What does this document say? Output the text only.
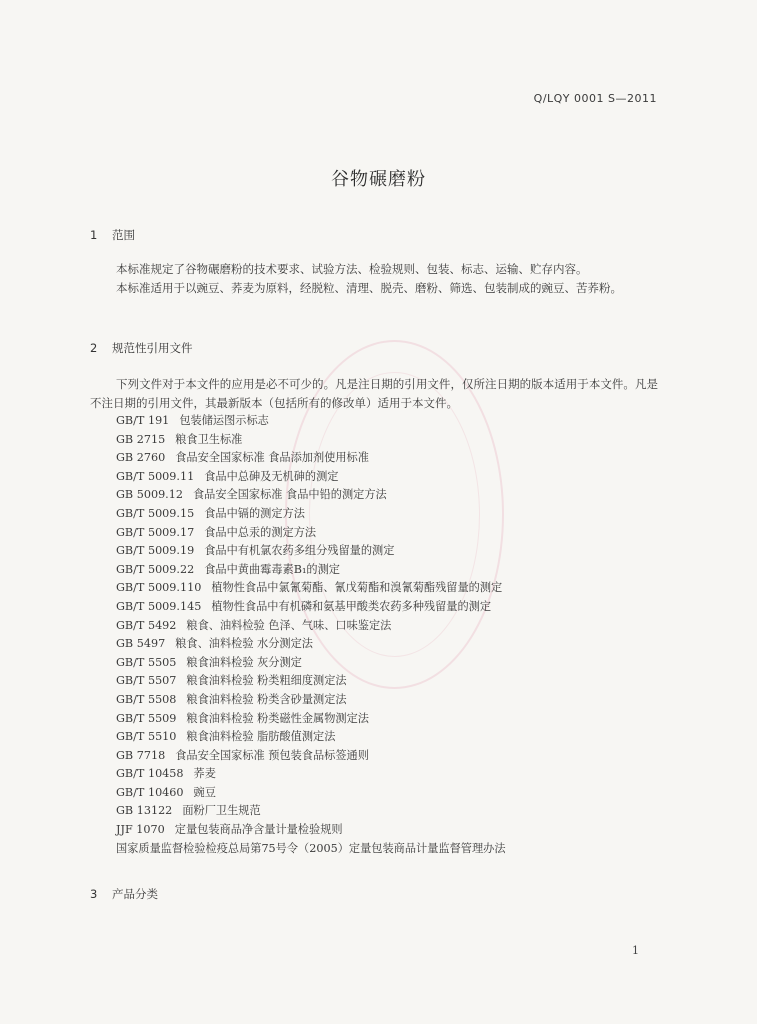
Q/LQY 0001 S—2011
谷物碾磨粉
1 范围
本标准规定了谷物碾磨粉的技术要求、试验方法、检验规则、包装、标志、运输、贮存内容。
本标准适用于以豌豆、荞麦为原料，经脱粒、清理、脱壳、磨粉、筛选、包装制成的豌豆、苦荞粉。
2 规范性引用文件
下列文件对于本文件的应用是必不可少的。凡是注日期的引用文件，仅所注日期的版本适用于本文件。凡是不注日期的引用文件，其最新版本（包括所有的修改单）适用于本文件。
GB/T 191 包装储运图示标志
GB 2715 粮食卫生标准
GB 2760 食品安全国家标准 食品添加剂使用标准
GB/T 5009.11 食品中总砷及无机砷的测定
GB 5009.12 食品安全国家标准 食品中铅的测定方法
GB/T 5009.15 食品中镉的测定方法
GB/T 5009.17 食品中总汞的测定方法
GB/T 5009.19 食品中有机氯农药多组分残留量的测定
GB/T 5009.22 食品中黄曲霉毒素B₁的测定
GB/T 5009.110 植物性食品中氯氰菊酯、氰戊菊酯和溴氰菊酯残留量的测定
GB/T 5009.145 植物性食品中有机磷和氨基甲酸类农药多种残留量的测定
GB/T 5492 粮食、油料检验 色泽、气味、口味鉴定法
GB 5497 粮食、油料检验 水分测定法
GB/T 5505 粮食油料检验 灰分测定
GB/T 5507 粮食油料检验 粉类粗细度测定法
GB/T 5508 粮食油料检验 粉类含砂量测定法
GB/T 5509 粮食油料检验 粉类磁性金属物测定法
GB/T 5510 粮食油料检验 脂肪酸值测定法
GB 7718 食品安全国家标准 预包装食品标签通则
GB/T 10458 荞麦
GB/T 10460 豌豆
GB 13122 面粉厂卫生规范
JJF 1070 定量包装商品净含量计量检验规则
国家质量监督检验检疫总局第75号令（2005）定量包装商品计量监督管理办法
3 产品分类
1
